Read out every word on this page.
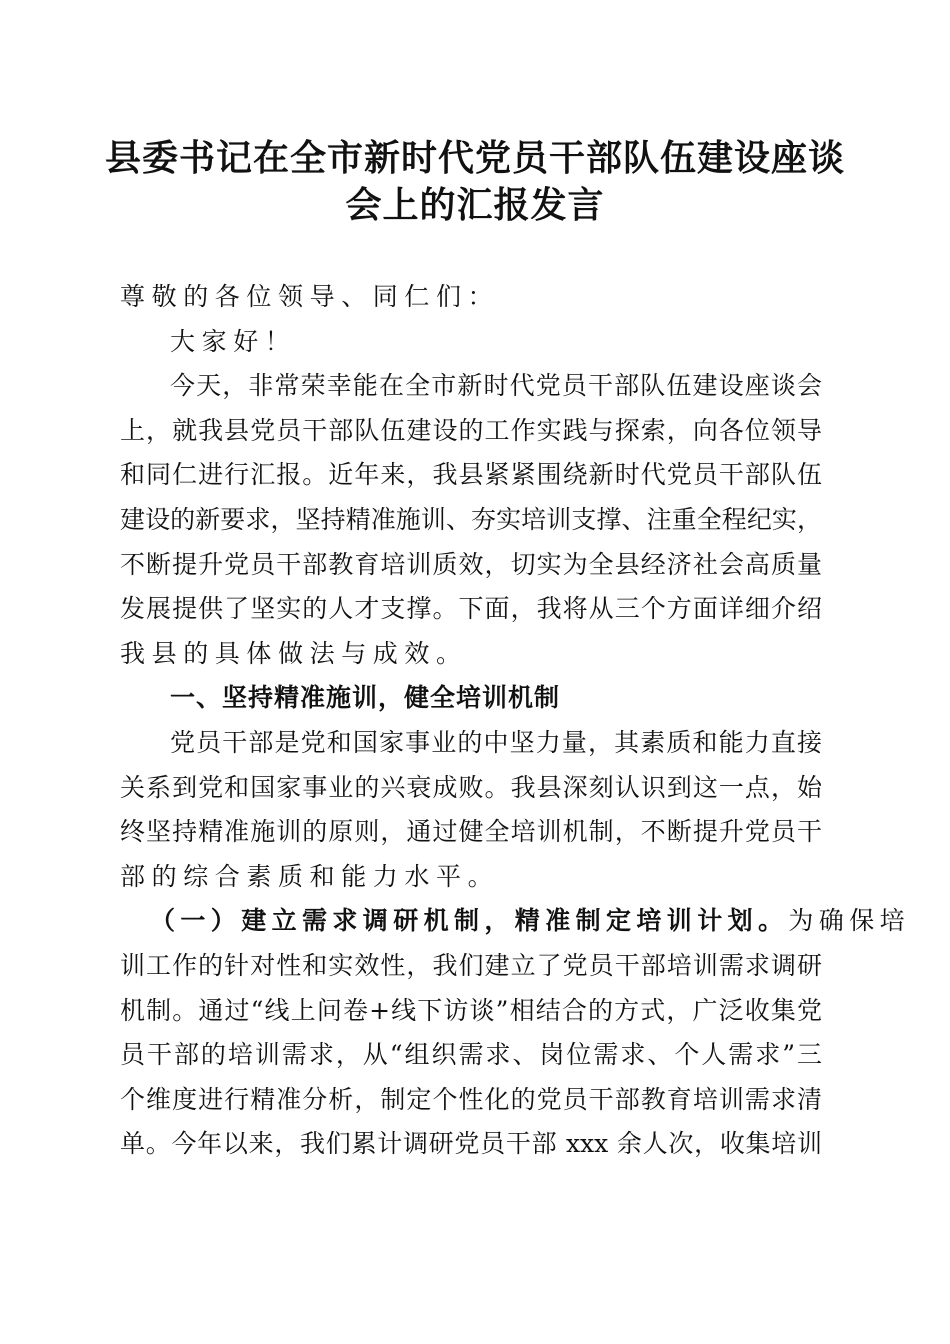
县委书记在全市新时代党员干部队伍建设座谈
会上的汇报发言
尊敬的各位领导、同仁们：
大家好！
今天，非常荣幸能在全市新时代党员干部队伍建设座谈会
上，就我县党员干部队伍建设的工作实践与探索，向各位领导
和同仁进行汇报。近年来，我县紧紧围绕新时代党员干部队伍
建设的新要求，坚持精准施训、夯实培训支撑、注重全程纪实，
不断提升党员干部教育培训质效，切实为全县经济社会高质量
发展提供了坚实的人才支撑。下面，我将从三个方面详细介绍
我县的具体做法与成效。
一、坚持精准施训，健全培训机制
党员干部是党和国家事业的中坚力量，其素质和能力直接
关系到党和国家事业的兴衰成败。我县深刻认识到这一点，始
终坚持精准施训的原则，通过健全培训机制，不断提升党员干
部的综合素质和能力水平。
（一）建立需求调研机制，精准制定培训计划。为确保培
训工作的针对性和实效性，我们建立了党员干部培训需求调研
机制。通过“线上问卷+线下访谈”相结合的方式，广泛收集党
员干部的培训需求，从“组织需求、岗位需求、个人需求”三
个维度进行精准分析，制定个性化的党员干部教育培训需求清
单。今年以来，我们累计调研党员干部 xxx 余人次，收集培训
